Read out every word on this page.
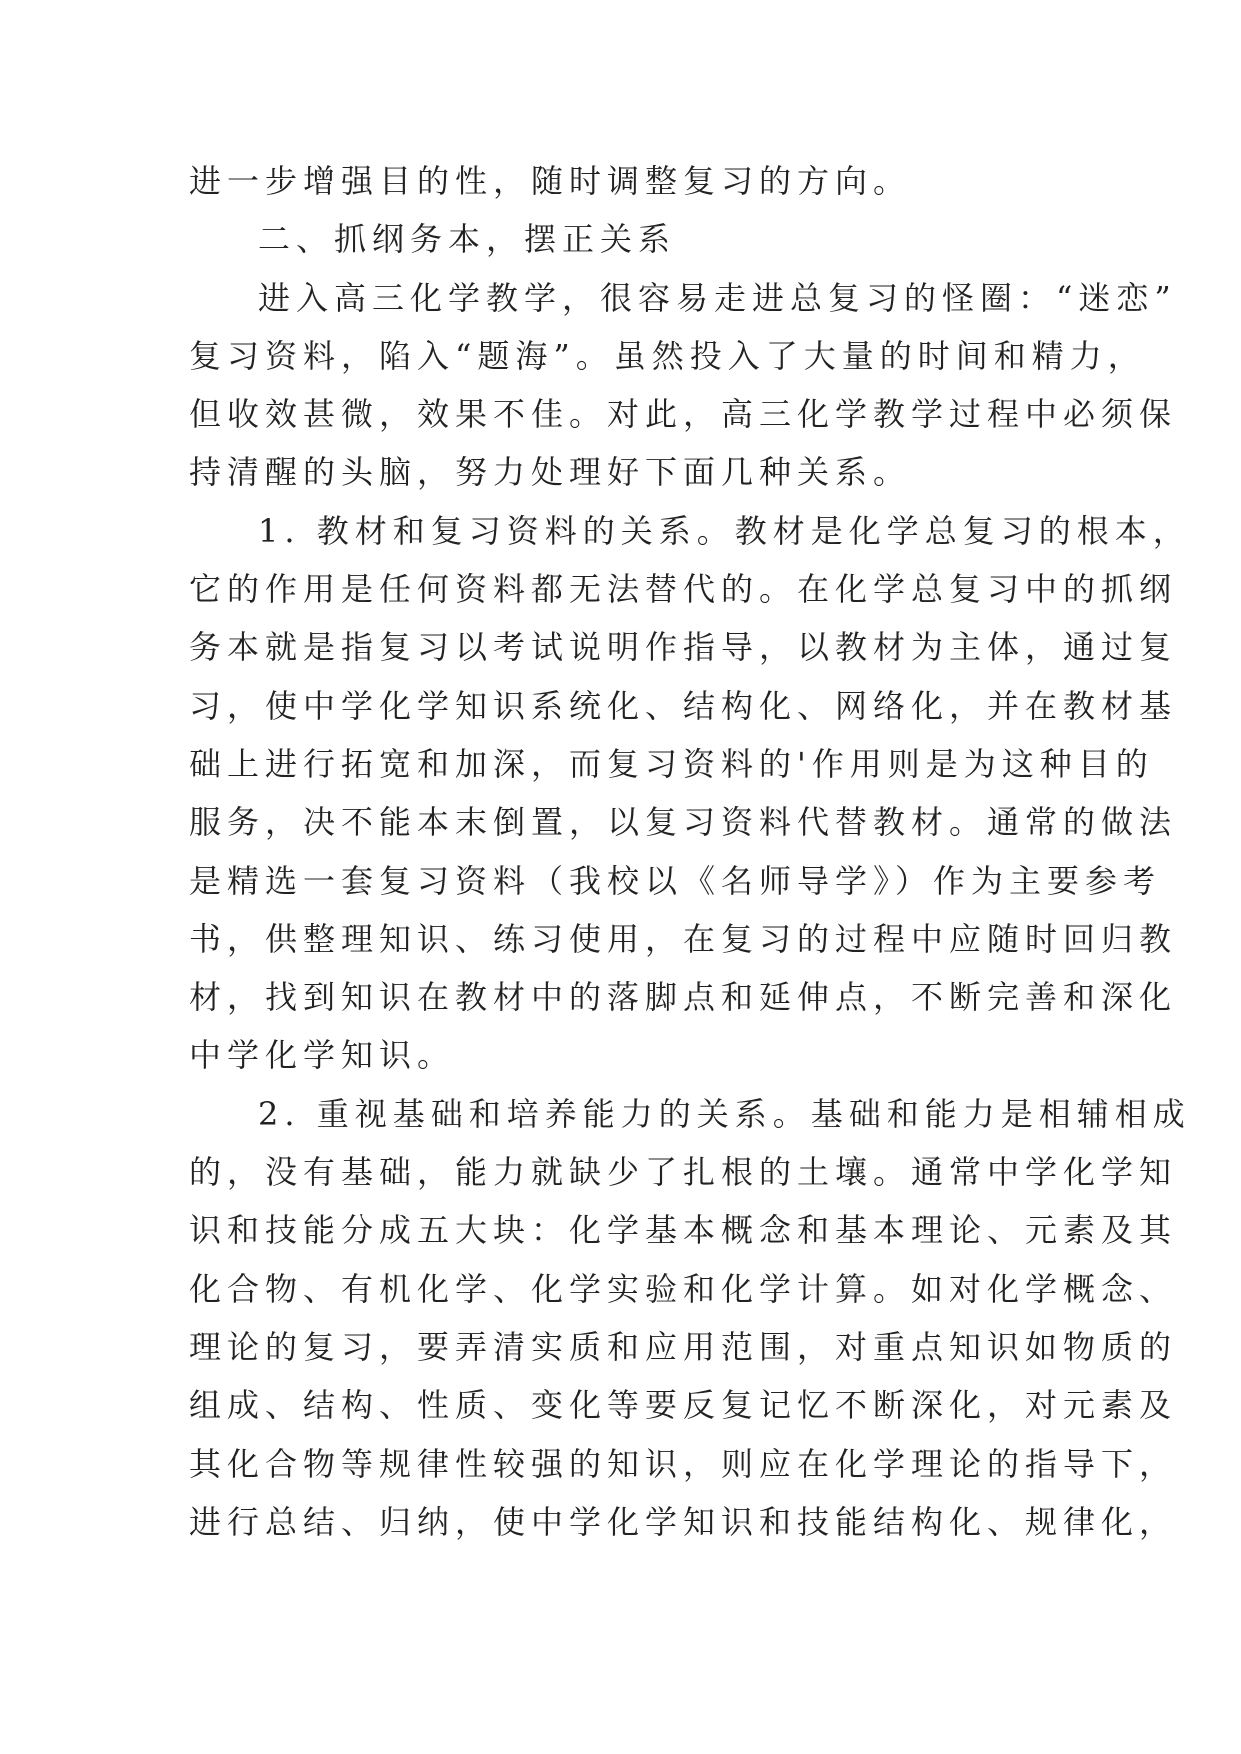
进一步增强目的性，随时调整复习的方向。
二、抓纲务本，摆正关系
进入高三化学教学，很容易走进总复习的怪圈：“迷恋”
复习资料，陷入“题海”。虽然投入了大量的时间和精力，
但收效甚微，效果不佳。对此，高三化学教学过程中必须保
持清醒的头脑，努力处理好下面几种关系。
1. 教材和复习资料的关系。教材是化学总复习的根本，
它的作用是任何资料都无法替代的。在化学总复习中的抓纲
务本就是指复习以考试说明作指导，以教材为主体，通过复
习，使中学化学知识系统化、结构化、网络化，并在教材基
础上进行拓宽和加深，而复习资料的'作用则是为这种目的
服务，决不能本末倒置，以复习资料代替教材。通常的做法
是精选一套复习资料（我校以《名师导学》）作为主要参考
书，供整理知识、练习使用，在复习的过程中应随时回归教
材，找到知识在教材中的落脚点和延伸点，不断完善和深化
中学化学知识。
2. 重视基础和培养能力的关系。基础和能力是相辅相成
的，没有基础，能力就缺少了扎根的土壤。通常中学化学知
识和技能分成五大块：化学基本概念和基本理论、元素及其
化合物、有机化学、化学实验和化学计算。如对化学概念、
理论的复习，要弄清实质和应用范围，对重点知识如物质的
组成、结构、性质、变化等要反复记忆不断深化，对元素及
其化合物等规律性较强的知识，则应在化学理论的指导下，
进行总结、归纳，使中学化学知识和技能结构化、规律化，
